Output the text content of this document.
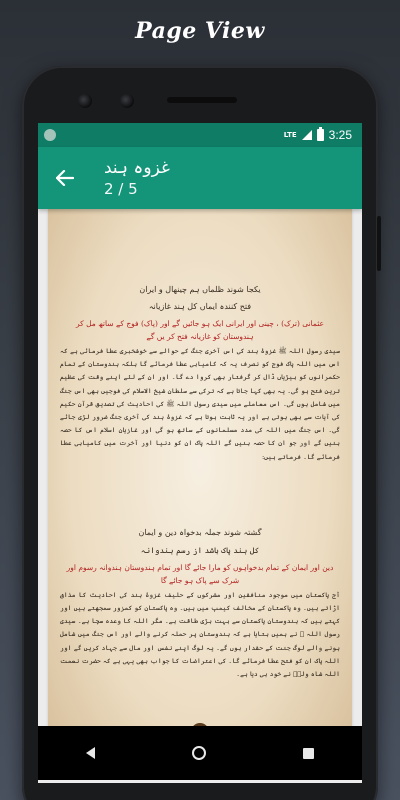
Page View
LTE	3:25
غزوہ ہند
2 / 5
یکجا شوند ظلماں ہم چینهال و ایران
فتح کنندہ ایماں کل ہند غازیانہ
عثمانی (ترک) ، چینی اور ایرانی ایک ہو جائیں گے اور (پاک) فوج کے ساتھ مل کر ہندوستان کو غازیانہ فتح کر یں گے
سیدی رسول اللہ ﷺ غزوۂ ہند کی اس آخری جنگ کے حوالے سے خوشخبری عطا فرمائی ہے کہ اس میں اللہ پاک فوج کو نصرف یہ کہ کامیابی عطا فرمائے گا بلکہ ہندوستان کے تمام حکمرانوں کو بیڑیاں ڈال کر گرفتار بھی کروا دے گا۔ اور ان کے لئے اپنے وقت کی عظیم ترین فتح ہو گی۔ یہ بھی کہا جاتا ہے کہ ترکی سے سلطان شیخ الاسلام کی فوجیں بھی اس جنگ میں شامل ہوں گی۔ اس معاملے میں سیدی رسول اللہ ﷺ کی احادیث کی تصدیق قرآن حکیم کی آیات سے بھی ہوتی ہے اور یہ ثابت ہوتا ہے کہ غزوۂ ہند کی آخری جنگ ضرور لڑی جائے گی۔ اس جنگ میں اللہ کی مدد مسلمانوں کے ساتھ ہو گی اور غازیان اسلام اس کا حصہ بنیں گے اور جو ان کا حصہ بنیں گے اللہ پاک ان کو دنیا اور آخرت میں کامیابی عطا فرمائے گا۔ فرماتے ہیں:
گشتہ شوند جملہ بدخواہ دین و ایمان
کل ہند پاک باشد از رسم ہندوانہ
دین اور ایمان کے تمام بدخواہوں کو مارا جائے گا اور تمام ہندوستان ہندوانہ رسوم اور شرک سے پاک ہو جائے گا
آج پاکستان میں موجود منافقین اور مشرکوں کے حلیف غزوۂ ہند کی احادیث کا مذاق اڑاتے ہیں۔ وہ پاکستان کے مخالف کیمپ میں ہیں۔ وہ پاکستان کو کمزور سمجھتے ہیں اور کہتے ہیں کہ ہندوستان پاکستان سے بہت بڑی طاقت ہے۔ مگر اللہ کا وعدہ سچا ہے۔ سیدی رسول اللہ ﷺ نے ہمیں بتایا ہے کہ ہندوستان پر حملہ کرنے والے اور اس جنگ میں شامل ہونے والے لوگ جنت کے حقدار ہوں گے۔ یہ لوگ اپنے نفس اور مال سے جہاد کریں گے اور اللہ پاک ان کو فتح عطا فرمائے گا۔ کی اعتراضات کا جواب بھی یہی ہے کہ حضرت نعمت اللہ شاہ ولیؒ نے خود ہی دیا ہے۔
